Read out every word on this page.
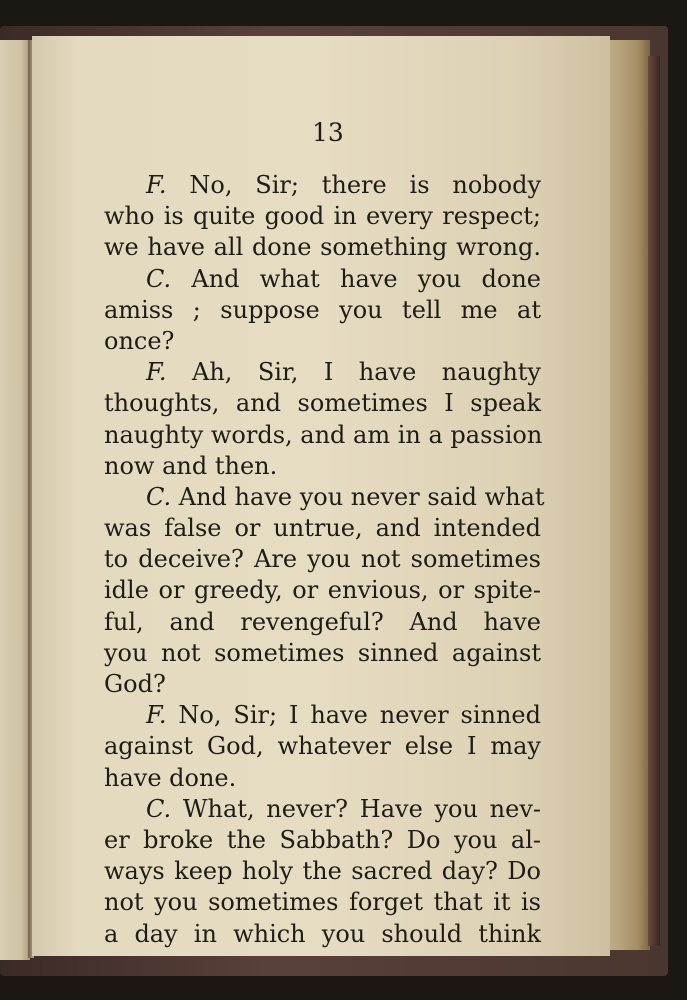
13
F. No, Sir; there is nobody
who is quite good in every respect;
we have all done something wrong.
C. And what have you done
amiss ; suppose you tell me at
once?
F. Ah, Sir, I have naughty
thoughts, and sometimes I speak
naughty words, and am in a passion
now and then.
C. And have you never said what
was false or untrue, and intended
to deceive? Are you not sometimes
idle or greedy, or envious, or spite-
ful, and revengeful? And have
you not sometimes sinned against
God?
F. No, Sir; I have never sinned
against God, whatever else I may
have done.
C. What, never? Have you nev-
er broke the Sabbath? Do you al-
ways keep holy the sacred day? Do
not you sometimes forget that it is
a day in which you should think
